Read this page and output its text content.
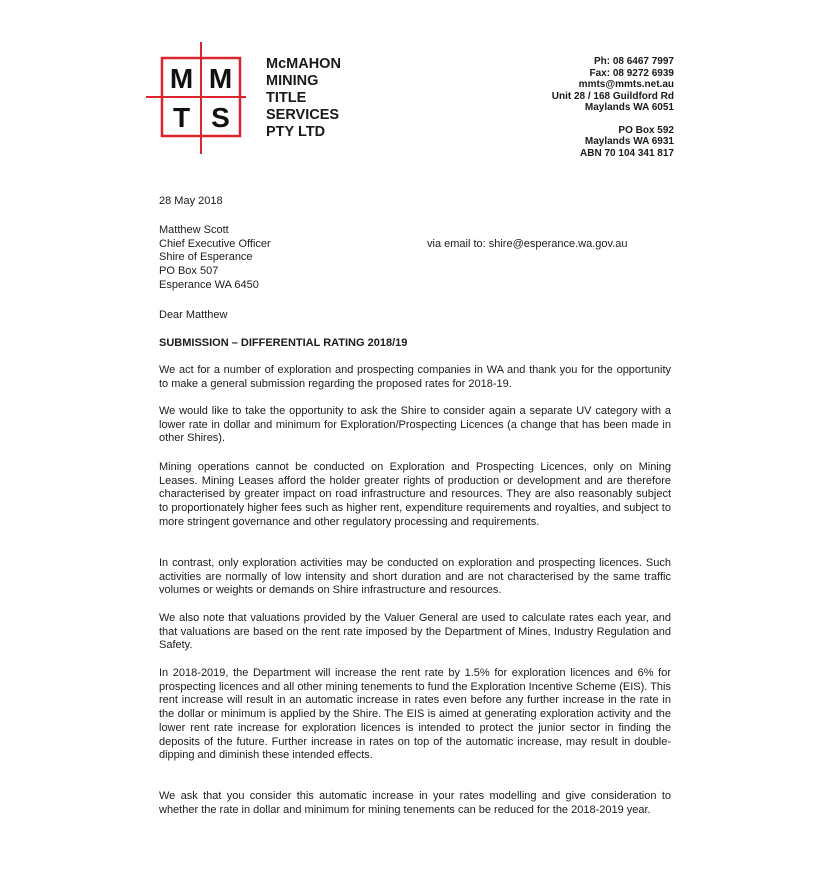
M M
T S
McMAHON
MINING
TITLE
SERVICES
PTY LTD
Ph: 08 6467 7997
Fax: 08 9272 6939
mmts@mmts.net.au
Unit 28 / 168 Guildford Rd
Maylands WA 6051
PO Box 592
Maylands WA 6931
ABN 70 104 341 817
28 May 2018
Matthew Scott
Chief Executive Officer
Shire of Esperance
PO Box 507
Esperance WA 6450
via email to: shire@esperance.wa.gov.au
Dear Matthew
SUBMISSION – DIFFERENTIAL RATING 2018/19
We act for a number of exploration and prospecting companies in WA and thank you for the opportunity to make a general submission regarding the proposed rates for 2018-19.
We would like to take the opportunity to ask the Shire to consider again a separate UV category with a lower rate in dollar and minimum for Exploration/Prospecting Licences (a change that has been made in other Shires).
Mining operations cannot be conducted on Exploration and Prospecting Licences, only on Mining Leases. Mining Leases afford the holder greater rights of production or development and are therefore characterised by greater impact on road infrastructure and resources. They are also reasonably subject to proportionately higher fees such as higher rent, expenditure requirements and royalties, and subject to more stringent governance and other regulatory processing and requirements.
In contrast, only exploration activities may be conducted on exploration and prospecting licences. Such activities are normally of low intensity and short duration and are not characterised by the same traffic volumes or weights or demands on Shire infrastructure and resources.
We also note that valuations provided by the Valuer General are used to calculate rates each year, and that valuations are based on the rent rate imposed by the Department of Mines, Industry Regulation and Safety.
In 2018-2019, the Department will increase the rent rate by 1.5% for exploration licences and 6% for prospecting licences and all other mining tenements to fund the Exploration Incentive Scheme (EIS). This rent increase will result in an automatic increase in rates even before any further increase in the rate in the dollar or minimum is applied by the Shire. The EIS is aimed at generating exploration activity and the lower rent rate increase for exploration licences is intended to protect the junior sector in finding the deposits of the future. Further increase in rates on top of the automatic increase, may result in double-dipping and diminish these intended effects.
We ask that you consider this automatic increase in your rates modelling and give consideration to whether the rate in dollar and minimum for mining tenements can be reduced for the 2018-2019 year.
